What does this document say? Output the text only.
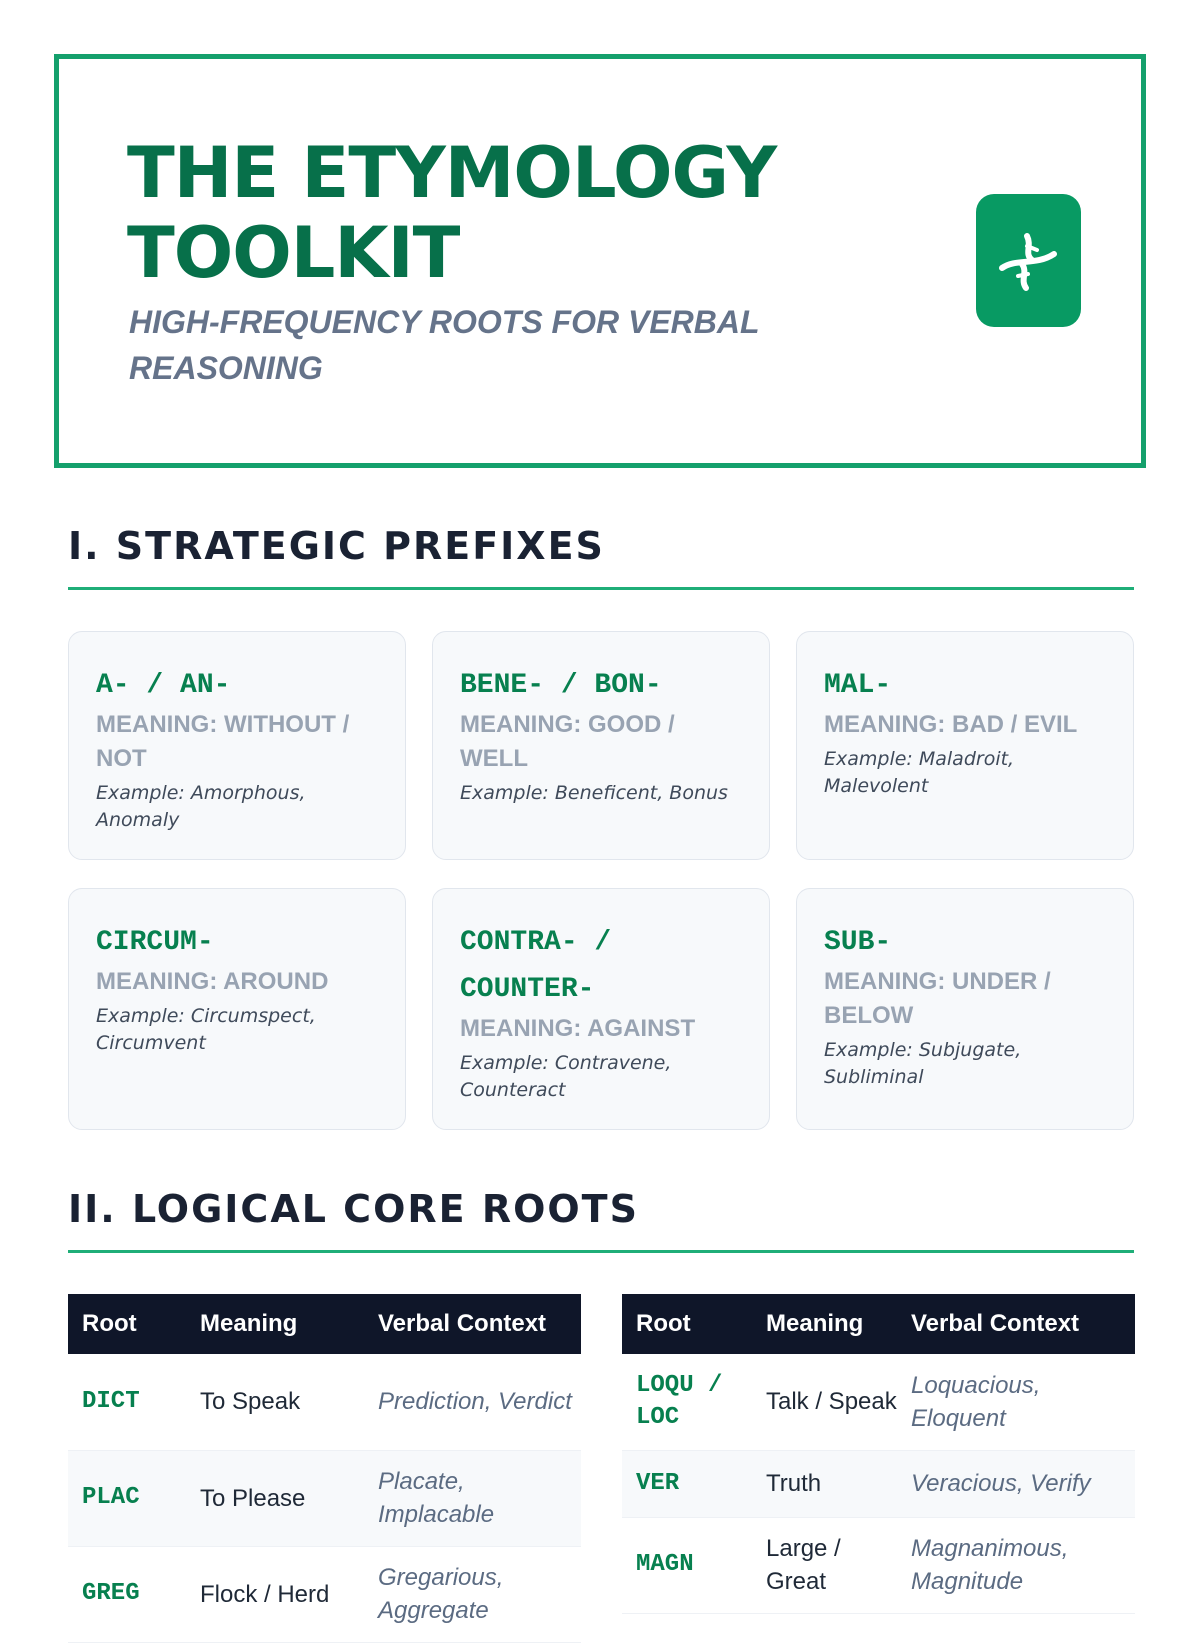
THE ETYMOLOGY TOOLKIT
HIGH-FREQUENCY ROOTS FOR VERBAL REASONING
I. STRATEGIC PREFIXES
A- / AN-
MEANING: WITHOUT / NOT
Example: Amorphous, Anomaly
BENE- / BON-
MEANING: GOOD / WELL
Example: Beneficent, Bonus
MAL-
MEANING: BAD / EVIL
Example: Maladroit, Malevolent
CIRCUM-
MEANING: AROUND
Example: Circumspect, Circumvent
CONTRA- / COUNTER-
MEANING: AGAINST
Example: Contravene, Counteract
SUB-
MEANING: UNDER / BELOW
Example: Subjugate, Subliminal
II. LOGICAL CORE ROOTS
Root	Meaning	Verbal Context
DICT	To Speak	Prediction, Verdict
PLAC	To Please	Placate, Implacable
GREG	Flock / Herd	Gregarious, Aggregate
Root	Meaning	Verbal Context
LOQU / LOC	Talk / Speak	Loquacious, Eloquent
VER	Truth	Veracious, Verify
MAGN	Large / Great	Magnanimous, Magnitude
